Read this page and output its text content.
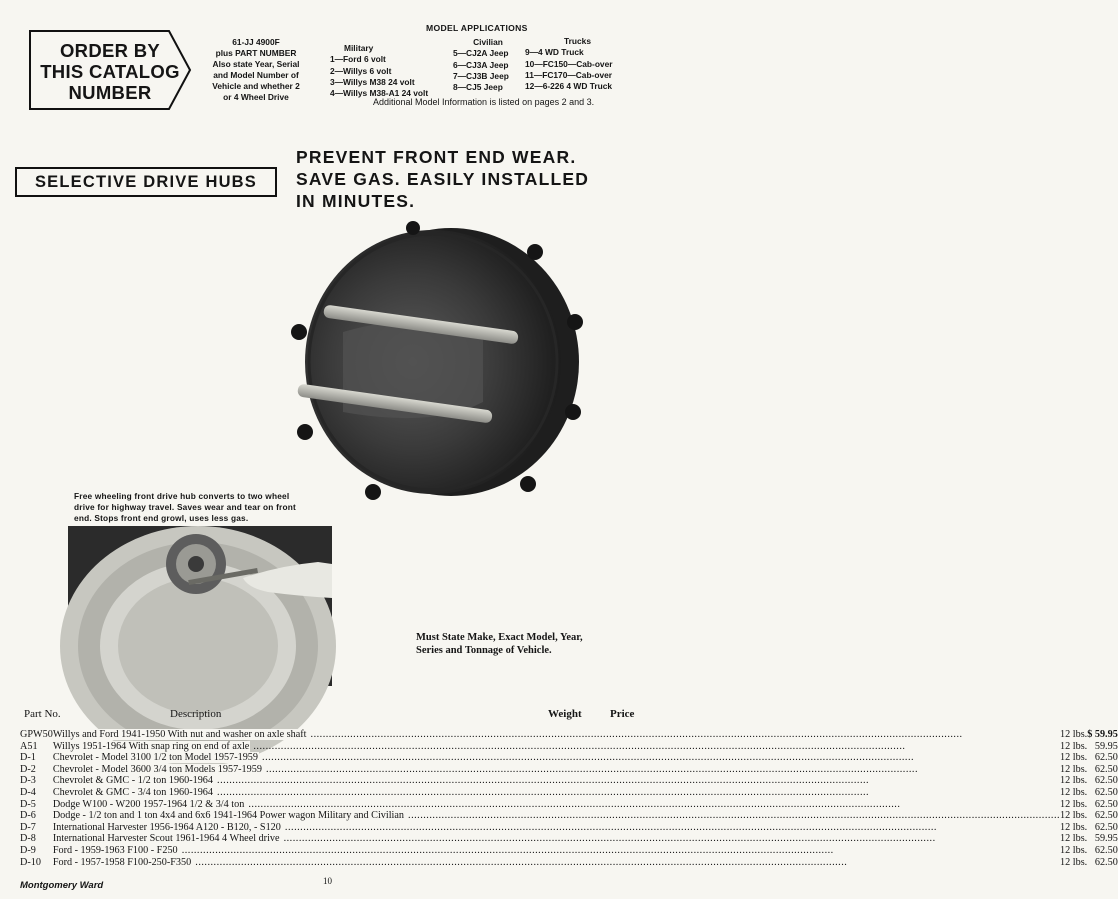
ORDER BY
THIS CATALOG
NUMBER
61-JJ 4900F
plus PART NUMBER
Also state Year, Serial
and Model Number of
Vehicle and whether 2
or 4 Wheel Drive
MODEL APPLICATIONS
Military
1—Ford 6 volt
2—Willys 6 volt
3—Willys M38 24 volt
4—Willys M38-A1 24 volt
Civilian
5—CJ2A Jeep
6—CJ3A Jeep
7—CJ3B Jeep
8—CJ5 Jeep
Trucks
9—4 WD Truck
10—FC150—Cab-over
11—FC170—Cab-over
12—6-226 4 WD Truck
Additional Model Information is listed on pages 2 and 3.
SELECTIVE DRIVE HUBS
PREVENT FRONT END WEAR.
SAVE GAS. EASILY INSTALLED
IN MINUTES.
Free wheeling front drive hub converts to two wheel
drive for highway travel. Saves wear and tear on front
end. Stops front end growl, uses less gas.
Must State Make, Exact Model, Year,
Series and Tonnage of Vehicle.
Part No.	Description	Weight	Price
GPW50	Willys and Ford 1941-1950 With nut and washer on axle shaft .....	12 lbs.	$ 59.95
A51	Willys 1951-1964 With snap ring on end of axle .....	12 lbs.	59.95
D-1	Chevrolet - Model 3100 1/2 ton Model 1957-1959 .....	12 lbs.	62.50
D-2	Chevrolet - Model 3600 3/4 ton Models 1957-1959 .....	12 lbs.	62.50
D-3	Chevrolet & GMC - 1/2 ton 1960-1964 .....	12 lbs.	62.50
D-4	Chevrolet & GMC - 3/4 ton 1960-1964 .....	12 lbs.	62.50
D-5	Dodge W100 - W200 1957-1964 1/2 & 3/4 ton .....	12 lbs.	62.50
D-6	Dodge - 1/2 ton and 1 ton 4x4 and 6x6 1941-1964 Power wagon Military and Civilian .....	12 lbs.	62.50
D-7	International Harvester 1956-1964 A120 - B120, - S120 .....	12 lbs.	62.50
D-8	International Harvester Scout 1961-1964 4 Wheel drive .....	12 lbs.	59.95
D-9	Ford - 1959-1963 F100 - F250 .....	12 lbs.	62.50
D-10	Ford - 1957-1958 F100-250-F350 .....	12 lbs.	62.50
Montgomery Ward	10
